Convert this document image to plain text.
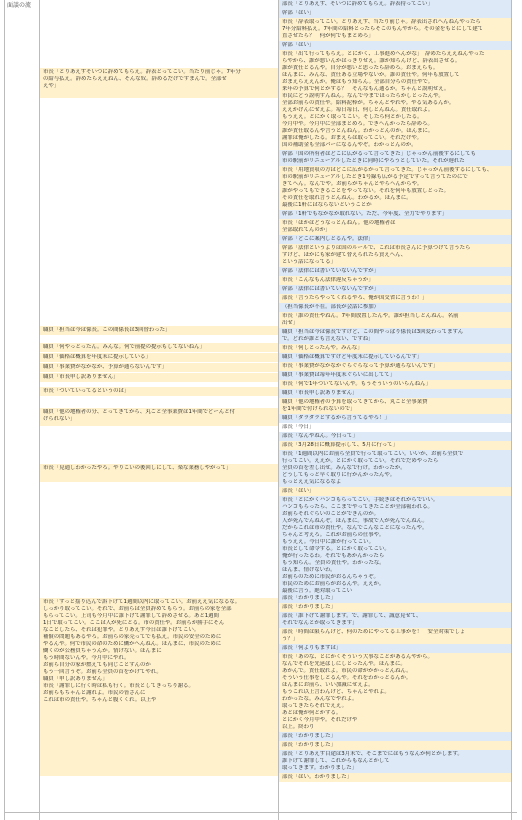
面談の流
市長「とりあえずそいつに辞めてもらえ。辞表とってこい。当たり前じゃ。7年分
の給与払え。辞めたらええねん、そんな奴。辞めるだけですまんで。全部せ
えや」
職員「担当は今は係長。この間係長は3回替わった」
職員「何やっとったん。みんな。何で前提の提示もしてないねん」
職員「価格は概算を年度末に提示している」
職員「事業費がなかなか、予算が通らないんです」
職員「市長申し訳ありません」
市長「ついていってるというのは」
職員「他の地権者の分、とってきてから、丸ごと全事業費は1年間でどーんと付
けられない」
市長「見通しわかったやろ。やりこいの後回しにして、楽な業務しやがって」
市長「ずっと揺り込んで訴下げて1週間以内に取ってこい。お前ええ気になるな。
しっかり取ってこい。それで、お前らは全員辞めてもらう。お前らの家を全部
もらってこい。上司も今月中に誰下げて謝罪して辞めさせる。あと1週間
1日で取ってこい。ここは人が死にとる。市の責任や。お前らが勝手にそん
なことしたら、それは犯罪や。とりあえず今日は誰下げてこい。
補償の問題もあるやろ。お前らの家売ってでも払え。市民の安全のために
やるんや。何で市民の命のために働かへんねん。ほんまに、市民のために
働くのが公務員ちゃうんか。情けない。ほんまに
もう時間ないんや。今月中にやれ。
お前ら自分の家が燃えても同じことすんのか
もう一回言うぞ。お前ら全員の首をかけてやれ。
職員「申し訳ありません」
市長「謝罪しに行く時は私も行く。市長としてきっちり謝る。
お前らもちゃんと謝れよ。市民の皆さんに
これは市の責任や。ちゃんと腹くくれ。以上や
部長「とりあえず、そいつに辞めてもらえ。辞表持ってこい」
幹部「はい」
市長「辞表取ってこい。とりあえず、当たり前じゃ。辞表出されへんねんやったら
7年分給料払え。7年間の給料とったらそこのもんやから。その金をもとにして建て
直させたら？　何が何でもまとめろ」
幹部「はい」
市長「出て行ってもらえ。とにかく、工事進めへんがな」　辞めたらええねんやった
らやから、誰が悪いんかはっきりせえ。誰か知らんけど、辞表出させる。
誰が責任とるんや。自分が悪いと思ったら辞めろ。おまえらも。
ほんまに、みんな、責任ある立場やないか。誰の責任や。何年も放置して
おまえらええんか。俺はもう知らん。全部自分らの責任やで。
来年の予算で何とかする？　そんなもん通るか。ちゃんと説明せえ。
市民にどう説明すんねん。なんで今までほったらかしとったんや。
全部お前らの責任や。給料泥棒が。ちゃんとやれや。やる気あるんか。
ええかげんにせえよ。毎日毎日、何しとんねん。責任取れよ。
もうええ。とにかく取ってこい。そしたら何とかしたる。
今月中や。今月中に全部まとめろ。できへんかったら辞めろ。
誰が責任取るんや言うとんねん。わかっとんのか。ほんまに。
謝罪は俺がしたる。おまえらは取ってこい。それだけや。
国の補助金も全部パーになるんやぞ。わかっとんのか。
幹部「国の所有者はどこに広がるって言ってきた」じゃっかん前後するにしても
市の駅前がリニューアルしたときに同時にやろうとしていた。それが遅れた
市長「用地買収の方はどこに広がるかって言ってきた。じゃっかん前後するにしても、
市の駅前がリニューアルしたとき1号線も広がる予定ですって言うてたのにで
きてへん。なんでや。お前らがちゃんとやらへんからや。
誰がやってもできることをやってない。それを何年も放置しとった。
その責任を取れ言うとんねん。わかるか。ほんまに。
最後に1軒にはならないということか
幹部「1軒でもなかなか取れない。ただ、今年度、全力でやります」
市長「ほかはどうなっとんねん。他の地権者は
全部取れてんのか」
幹部「どこに案内しとるんや。法律」
幹部「法律というよりは国のルールで、これは市長さんに予算つけて言うたら
すけど、ほかにも家が建て替えられたら買えへん、
という話になってる」
幹部「法律には書いていないんですが」
市長「こんなもん法律違反ちゃうか」
幹部「法律には書いていないんですが」
部長「言うたらやってくれるやろ、俺が国交省に言うわ！」
（担当係長が不在。部長が会話に参加）
市長「誰の責任やねん。7年間放置したんや。誰が担当しとんねん。名前
出せ」
職員「担当は今は係長ですけど、この間やっぱり係長は3回変わってますん
で。どれが誰とも言えない、ですね」
市長「何しとったんや。みんな」
職員「価格は概算ですけど年度末に提示しているんです」
市長「事業費がなかなかぐらぐらなって予算が通らないんです」
職員「事業費は毎年年度末ぐらいに出してて」
市長「何で1年ついてないんや。もうそういうのいらんねん」
職員「市長申し訳ありません」
職員「他の地権者の予算を取ってきてから、丸ごと全事業費
を1年間で付けられないので」
職員「ダラダラとするから言うてるやろ！」
部長「今日」
部長「なんやねん。今日って」
部長「3月28日に概算提示して、5月に行って」
市長「1週間以内にお前ら全員で行って取ってこい。いいか、お前ら全員で
行ってこい。ええか。とにかく取ってこい。それでだめやったら
全員の首を差し出せ。みんなで行け。わかったか。
どうしてもっと早く取りに行かんかったんや。
もっとええ気になるなよ
部長「はい」
市長「とにかくハンコもらってこい。手続きはそれからでいい。
ハンコもらったら、ここまでやってきたことが全部報われる。
お前らそれぐらいのことができんのか。
人が死んでんねんぞ。ほんまに。事故で人が死んでんねん。
だからこれは市の責任や。なんでこんなことになったんや。
ちゃんと考えろ。これがお前らの仕事や。
もうええ。今日中に誰か行ってこい。
市長として命令する。とにかく取ってこい。
俺が行ったるわ。それでもあかんかったら
もう知らん。全員の責任や。わかったな。
ほんま、情けないわ。
お前らのために市民がおるんちゃうぞ。
市民のためにお前らがおるんや。ええか。
最後に言う。絶対取ってこい
部長「わかりました」
部長「わかりました」
部長「誰下げて謝罪します。で、謝罪して、誠意見せて、
それでなんとか取ってきます」
部長「時間は限らんけど、何のためにやってる工事かを！　安全対策でしょ
う？」
部長「何よりもまずは」
市長「あのな、とにかくそういう大事なことがあるんやから。
なんでそれを先延ばしにしとったんや。ほんまに。
あかんで。責任取れよ。市民の命がかかっとんねん。
そういう仕事をしとるんや。それをわかっとるんか。
ほんまにお前ら、いい加減にせえよ。
もうこれ以上言わんけど、ちゃんとやれよ。
わかったな。みんなでやれよ。
取ってきたらそれでええ。
あとは俺が何とかする。
とにかく今月中や。それだけや
以上。終わり
部長「わかりました」
部長「わかりました」
部長「とりあえず目途は3月末で、そこまでにはもうなんか何とかします。
誰下げて謝罪して、これからもなんとかして
取ってきます。わかりました」
部長「はい。わかりました」
